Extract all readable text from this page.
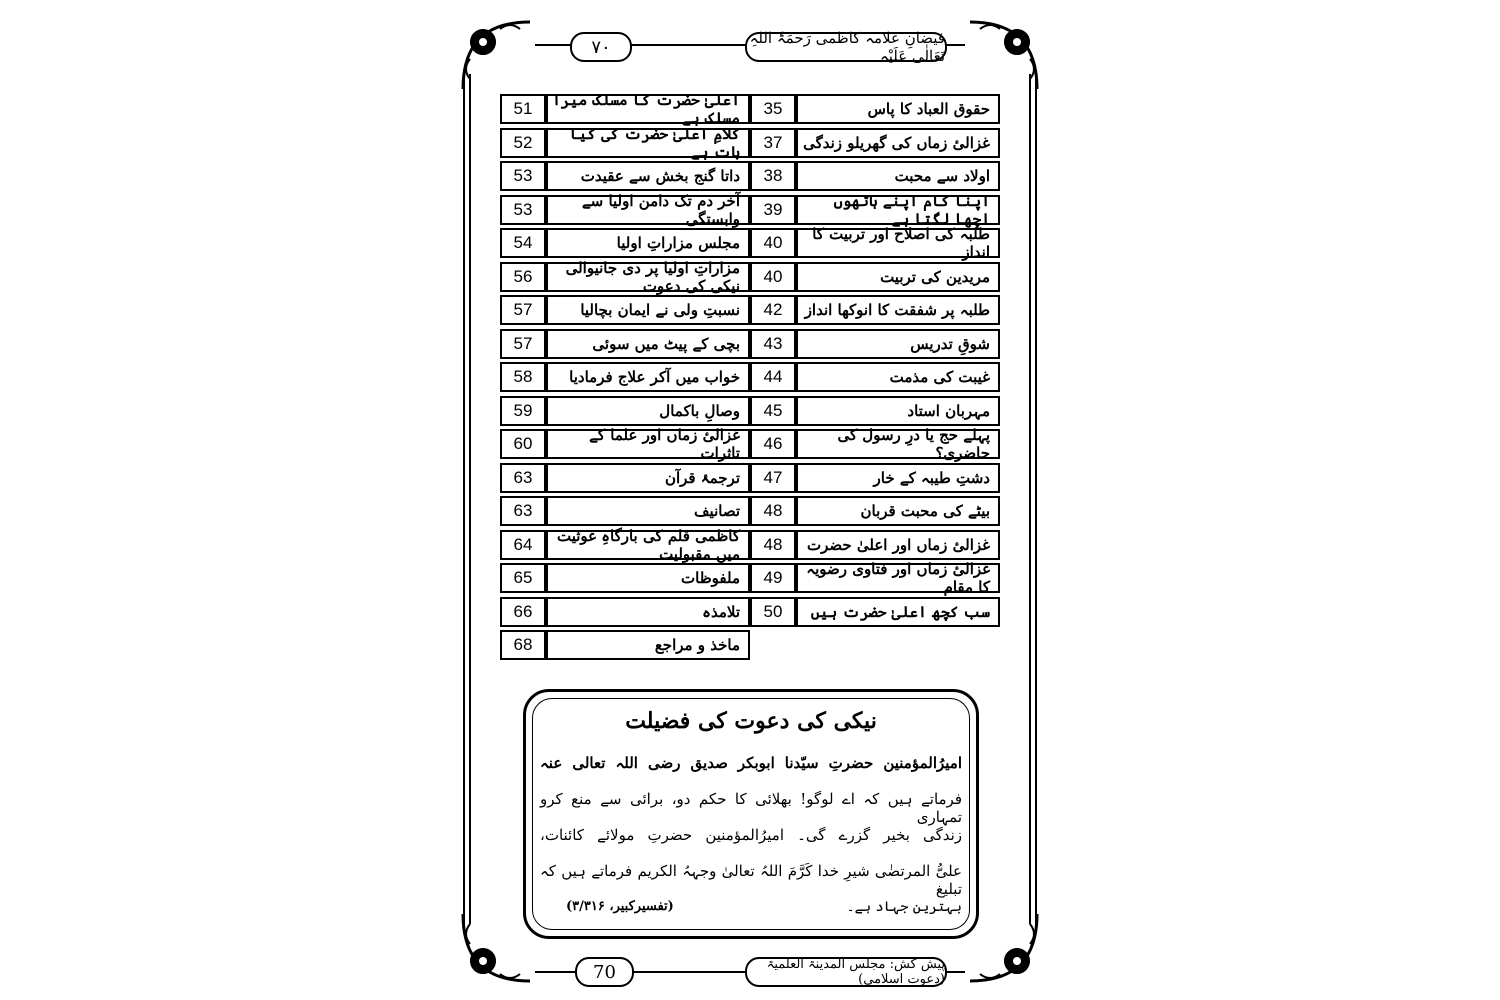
٧٠	فیضانِ علامہ کاظمی رَحمَۃُ اللہِ تَعَالٰی عَلَیْہ
35	حقوق العباد کا پاس
37	غزالیٔ زماں کی گھریلو زندگی
38	اولاد سے محبت
39	اپنا کام اپنے ہاتھوں اچھا لگتا ہے
40	طلبہ کی اصلاح اور تربیت کا انداز
40	مریدین کی تربیت
42	طلبہ پر شفقت کا انوکھا انداز
43	شوقِ تدریس
44	غیبت کی مذمت
45	مہربان استاد
46	پہلے حج یا درِ رسول کی حاضری؟
47	دشتِ طیبہ کے خار
48	بیٹے کی محبت قربان
48	غزالیٔ زماں اور اعلیٰ حضرت
49	غزالیٔ زماں اور فتاوی رضویہ کا مقام
50	سب کچھ اعلیٰ حضرت ہیں
51	اعلیٰ حضرت کا مسلک میرا مسلک ہے
52	کلامِ اعلیٰ حضرت کی کیا بات ہے
53	داتا گنج بخش سے عقیدت
53	آخر دم تک دامن اولیا سے وابستگی
54	مجلس مزاراتِ اولیا
56	مزاراتِ اولیا پر دی جانیوالی نیکی کی دعوت
57	نسبتِ ولی نے ایمان بچالیا
57	بچی کے پیٹ میں سوئی
58	خواب میں آکر علاج فرمادیا
59	وصالِ باکمال
60	غزالیٔ زماں اور علما کے تاثرات
63	ترجمۂ قرآن
63	تصانیف
64	کاظمی قلم کی بارگاہِ غوثیت میں مقبولیت
65	ملفوظات
66	تلامذہ
68	ماخذ و مراجع
نیکی کی دعوت کی فضیلت
امیرُالمؤمنین حضرتِ سیّدنا ابوبکر صدیق رضی اللہ تعالی عنہ
فرماتے ہیں کہ اے لوگو! بھلائی کا حکم دو، برائی سے منع کرو تمہاری
زندگی بخیر گزرے گی۔ امیرُالمؤمنین حضرتِ مولائے کائنات،
علیُّ المرتضٰی شیرِ خدا کَرَّمَ اللہُ تعالیٰ وجہہُ الکریم فرماتے ہیں کہ تبلیغ
بہترین جہاد ہے۔
(تفسیرکبیر، ۳/۳۱۶)
70	پیش کش: مجلس المدینۃ العلمیۃ (دعوت اسلامی)
